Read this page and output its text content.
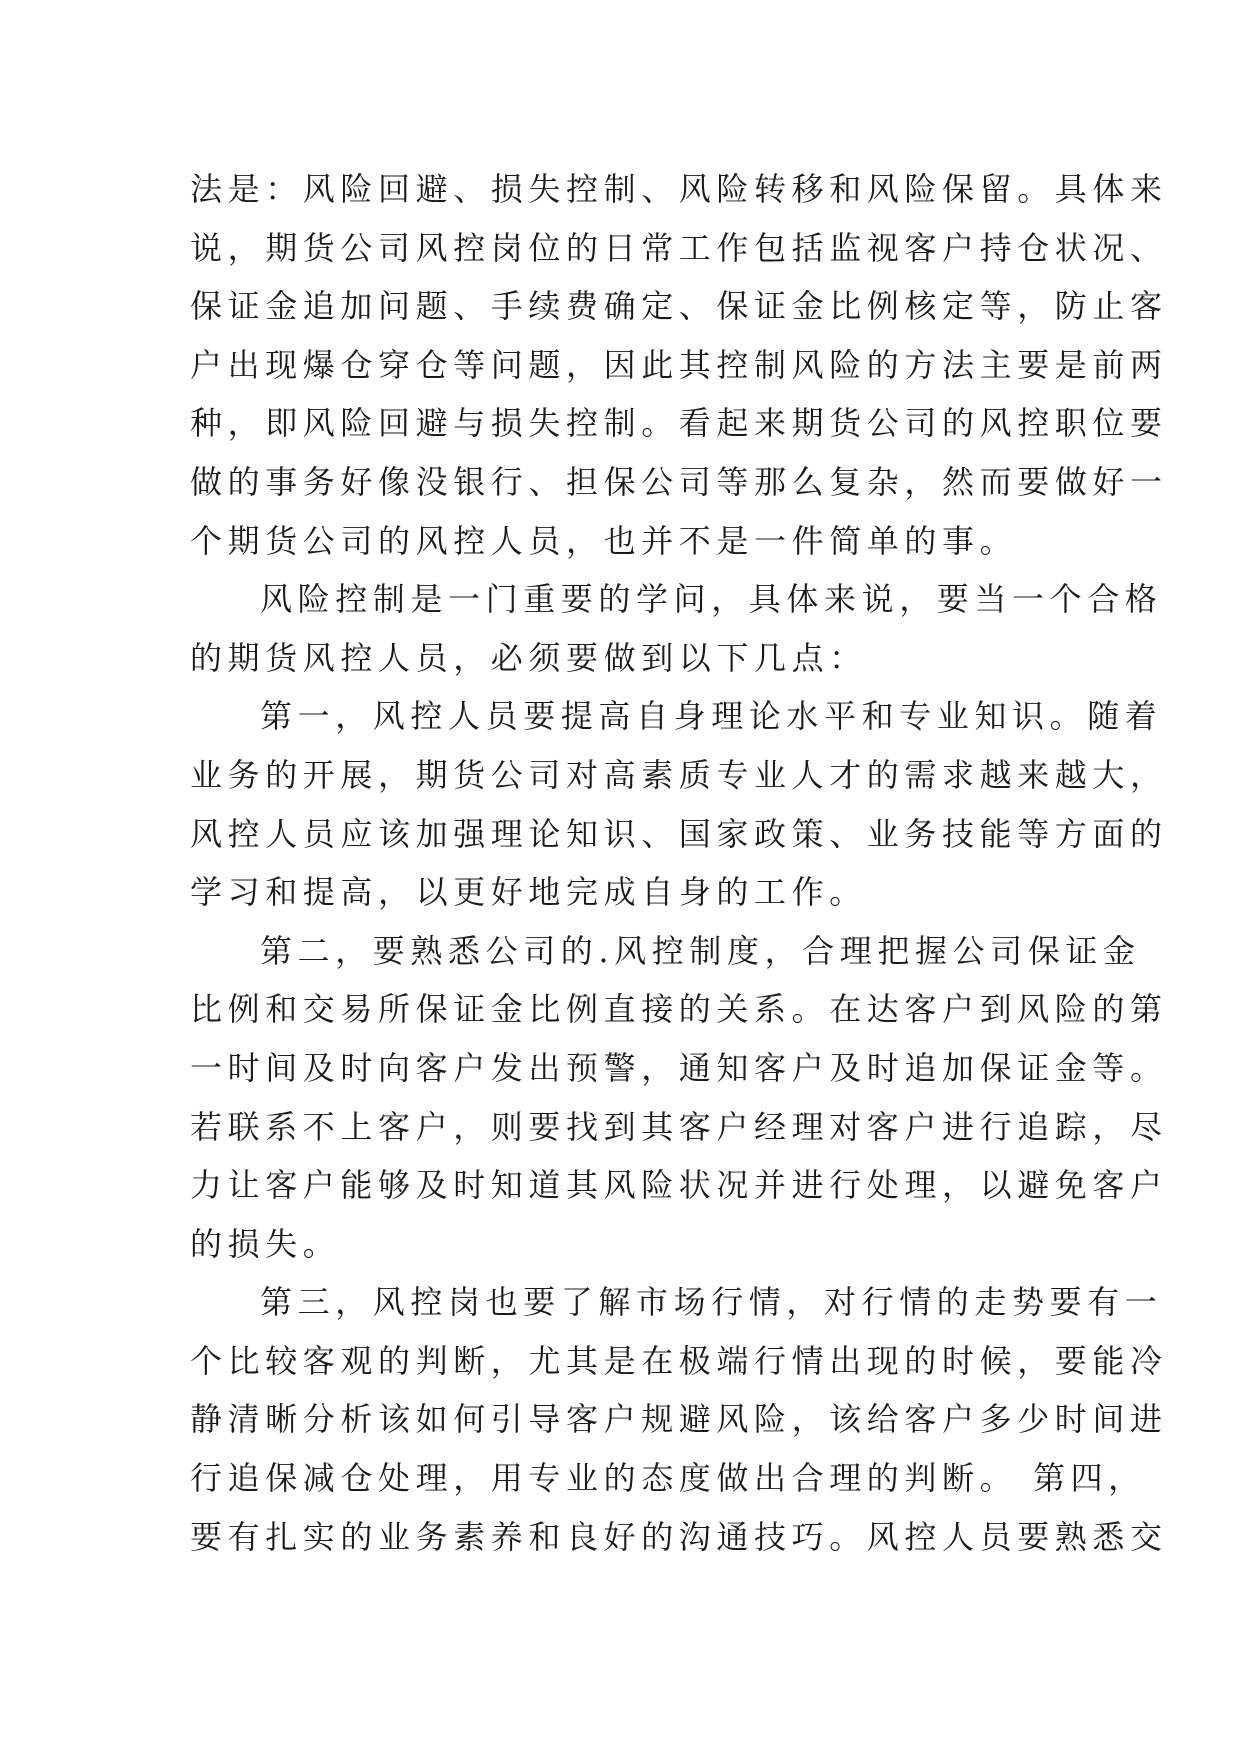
法是：风险回避、损失控制、风险转移和风险保留。具体来
说，期货公司风控岗位的日常工作包括监视客户持仓状况、
保证金追加问题、手续费确定、保证金比例核定等，防止客
户出现爆仓穿仓等问题，因此其控制风险的方法主要是前两
种，即风险回避与损失控制。看起来期货公司的风控职位要
做的事务好像没银行、担保公司等那么复杂，然而要做好一
个期货公司的风控人员，也并不是一件简单的事。
风险控制是一门重要的学问，具体来说，要当一个合格
的期货风控人员，必须要做到以下几点：
第一，风控人员要提高自身理论水平和专业知识。随着
业务的开展，期货公司对高素质专业人才的需求越来越大，
风控人员应该加强理论知识、国家政策、业务技能等方面的
学习和提高，以更好地完成自身的工作。
第二，要熟悉公司的.风控制度，合理把握公司保证金
比例和交易所保证金比例直接的关系。在达客户到风险的第
一时间及时向客户发出预警，通知客户及时追加保证金等。
若联系不上客户，则要找到其客户经理对客户进行追踪，尽
力让客户能够及时知道其风险状况并进行处理，以避免客户
的损失。
第三，风控岗也要了解市场行情，对行情的走势要有一
个比较客观的判断，尤其是在极端行情出现的时候，要能冷
静清晰分析该如何引导客户规避风险，该给客户多少时间进
行追保减仓处理，用专业的态度做出合理的判断。 第四，
要有扎实的业务素养和良好的沟通技巧。风控人员要熟悉交
